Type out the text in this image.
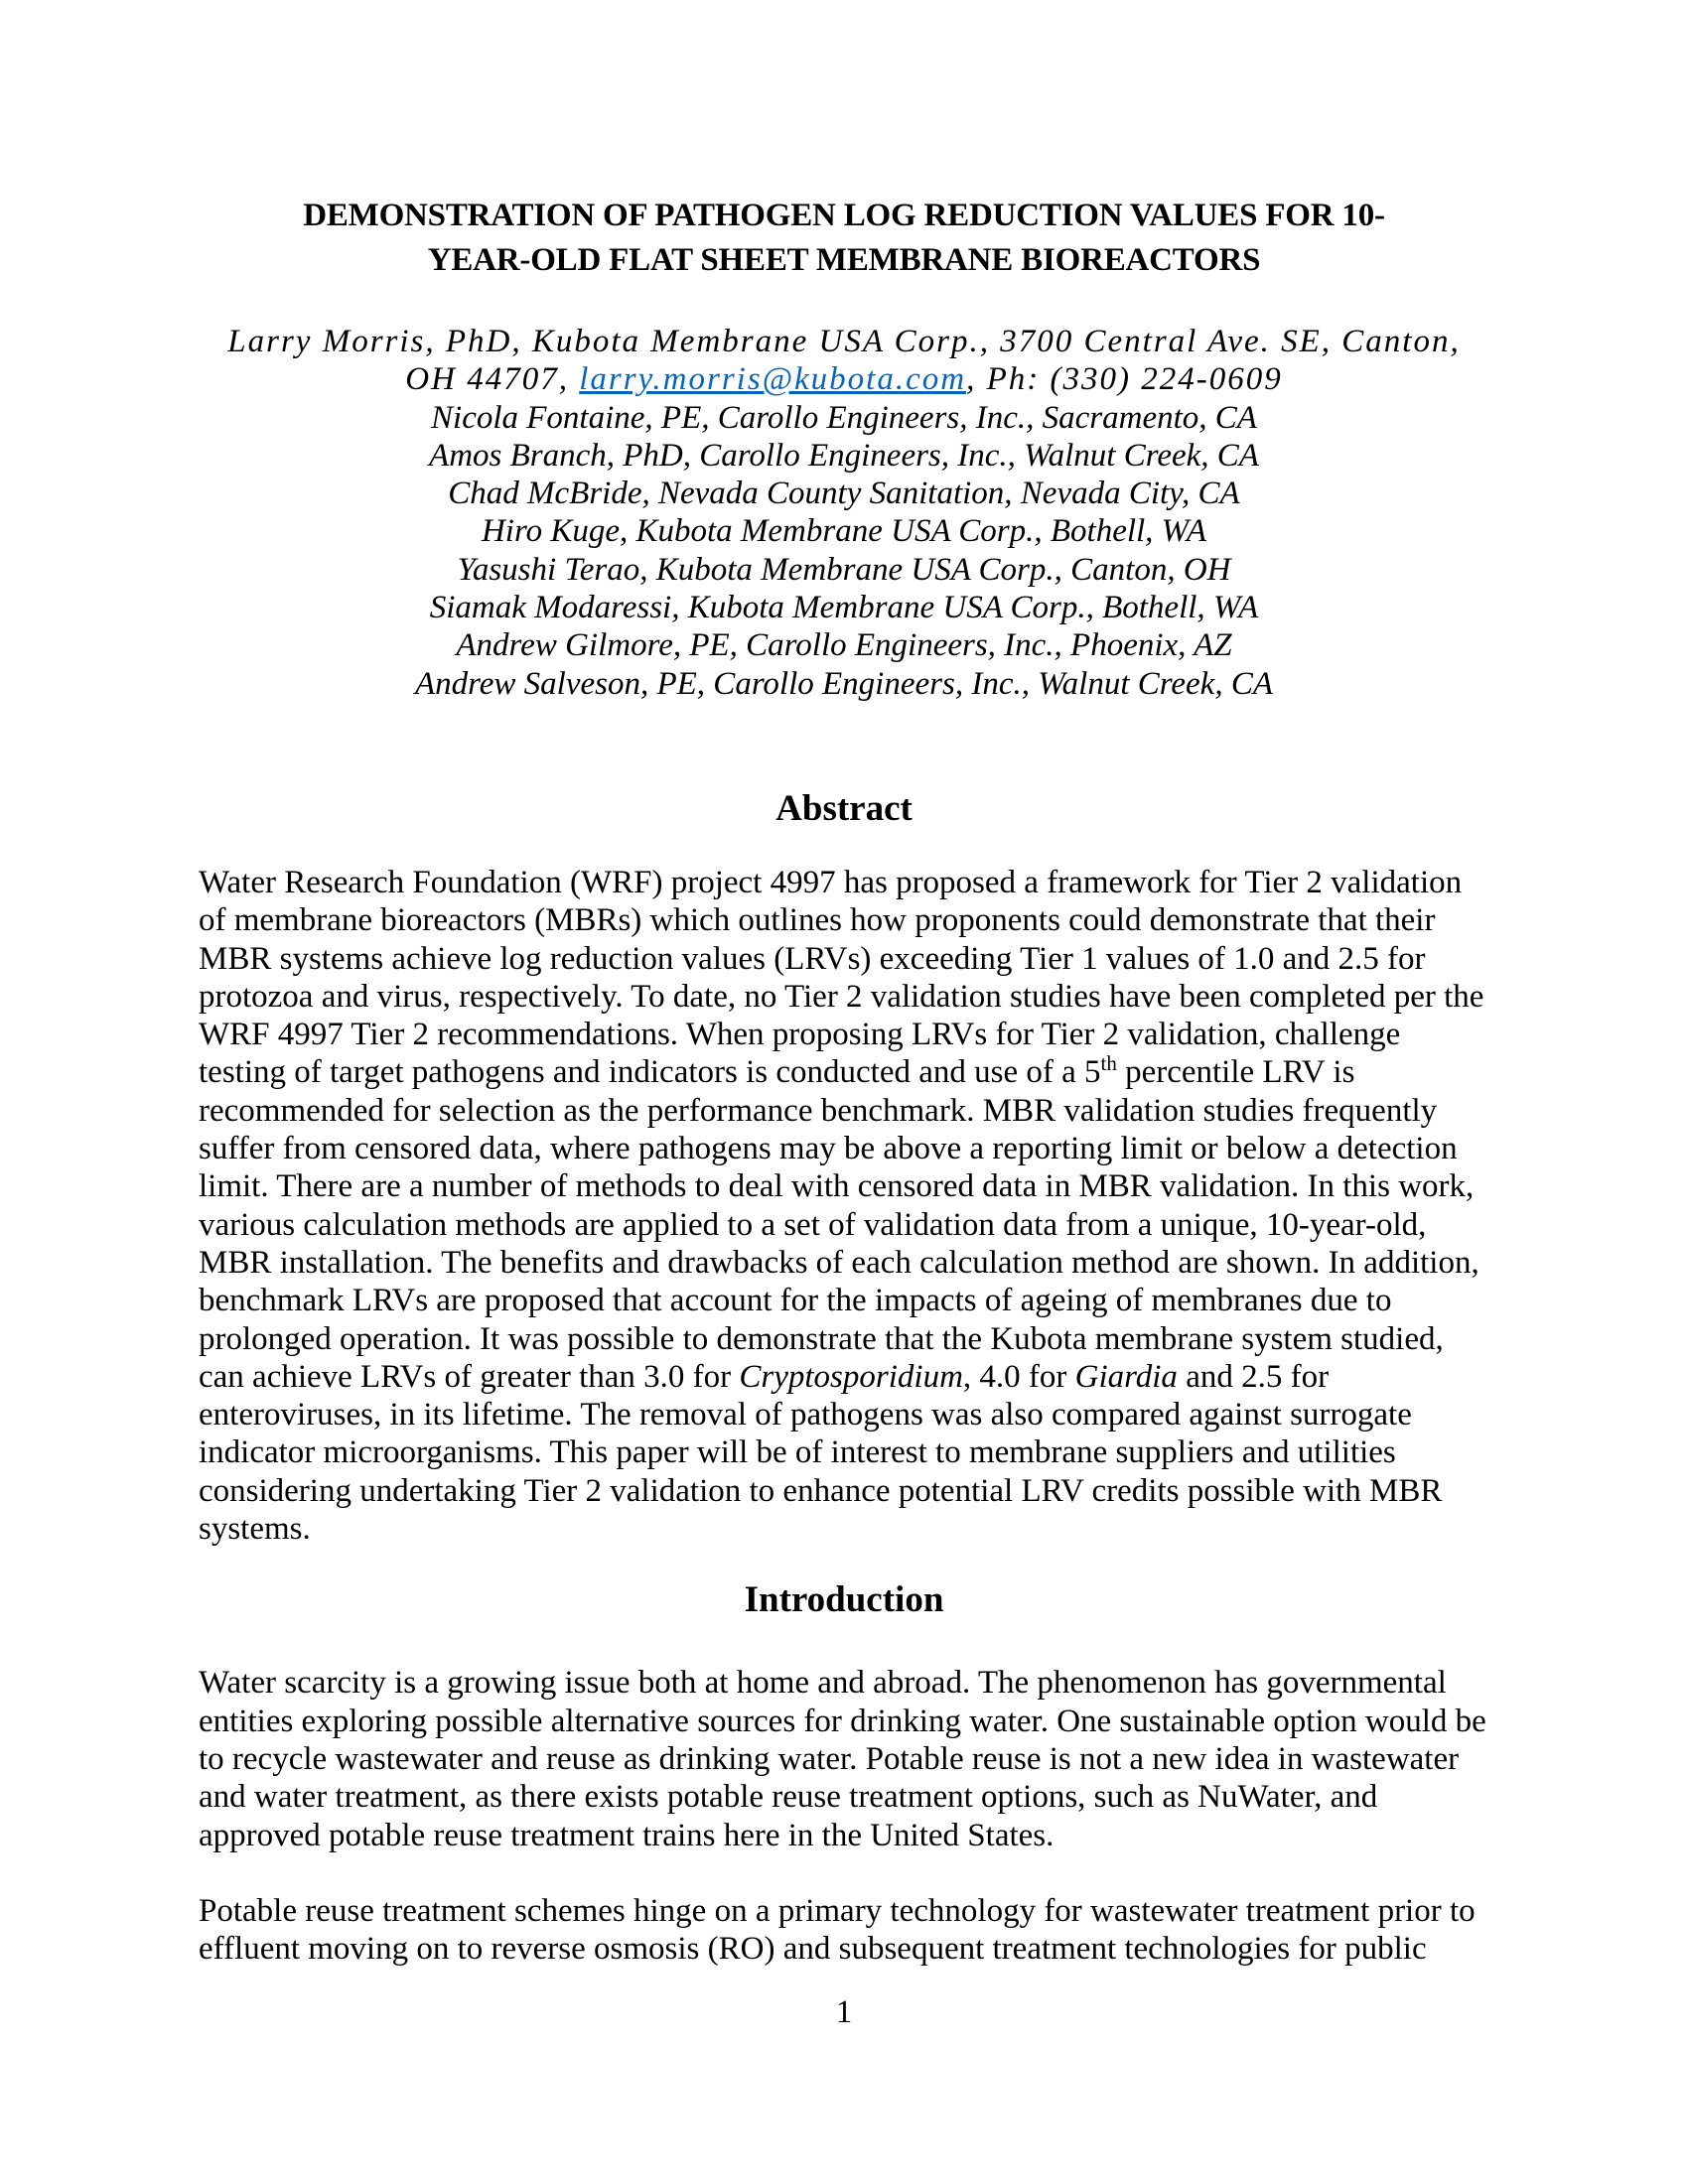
DEMONSTRATION OF PATHOGEN LOG REDUCTION VALUES FOR 10-
YEAR-OLD FLAT SHEET MEMBRANE BIOREACTORS
Larry Morris, PhD, Kubota Membrane USA Corp., 3700 Central Ave. SE, Canton,
OH 44707, larry.morris@kubota.com, Ph: (330) 224-0609
Nicola Fontaine, PE, Carollo Engineers, Inc., Sacramento, CA
Amos Branch, PhD, Carollo Engineers, Inc., Walnut Creek, CA
Chad McBride, Nevada County Sanitation, Nevada City, CA
Hiro Kuge, Kubota Membrane USA Corp., Bothell, WA
Yasushi Terao, Kubota Membrane USA Corp., Canton, OH
Siamak Modaressi, Kubota Membrane USA Corp., Bothell, WA
Andrew Gilmore, PE, Carollo Engineers, Inc., Phoenix, AZ
Andrew Salveson, PE, Carollo Engineers, Inc., Walnut Creek, CA
Abstract
Water Research Foundation (WRF) project 4997 has proposed a framework for Tier 2 validation of membrane bioreactors (MBRs) which outlines how proponents could demonstrate that their MBR systems achieve log reduction values (LRVs) exceeding Tier 1 values of 1.0 and 2.5 for protozoa and virus, respectively. To date, no Tier 2 validation studies have been completed per the WRF 4997 Tier 2 recommendations. When proposing LRVs for Tier 2 validation, challenge testing of target pathogens and indicators is conducted and use of a 5th percentile LRV is recommended for selection as the performance benchmark. MBR validation studies frequently suffer from censored data, where pathogens may be above a reporting limit or below a detection limit. There are a number of methods to deal with censored data in MBR validation. In this work, various calculation methods are applied to a set of validation data from a unique, 10-year-old, MBR installation. The benefits and drawbacks of each calculation method are shown. In addition, benchmark LRVs are proposed that account for the impacts of ageing of membranes due to prolonged operation. It was possible to demonstrate that the Kubota membrane system studied, can achieve LRVs of greater than 3.0 for Cryptosporidium, 4.0 for Giardia and 2.5 for enteroviruses, in its lifetime. The removal of pathogens was also compared against surrogate indicator microorganisms. This paper will be of interest to membrane suppliers and utilities considering undertaking Tier 2 validation to enhance potential LRV credits possible with MBR systems.
Introduction
Water scarcity is a growing issue both at home and abroad. The phenomenon has governmental entities exploring possible alternative sources for drinking water. One sustainable option would be to recycle wastewater and reuse as drinking water. Potable reuse is not a new idea in wastewater and water treatment, as there exists potable reuse treatment options, such as NuWater, and approved potable reuse treatment trains here in the United States.
Potable reuse treatment schemes hinge on a primary technology for wastewater treatment prior to effluent moving on to reverse osmosis (RO) and subsequent treatment technologies for public
1
